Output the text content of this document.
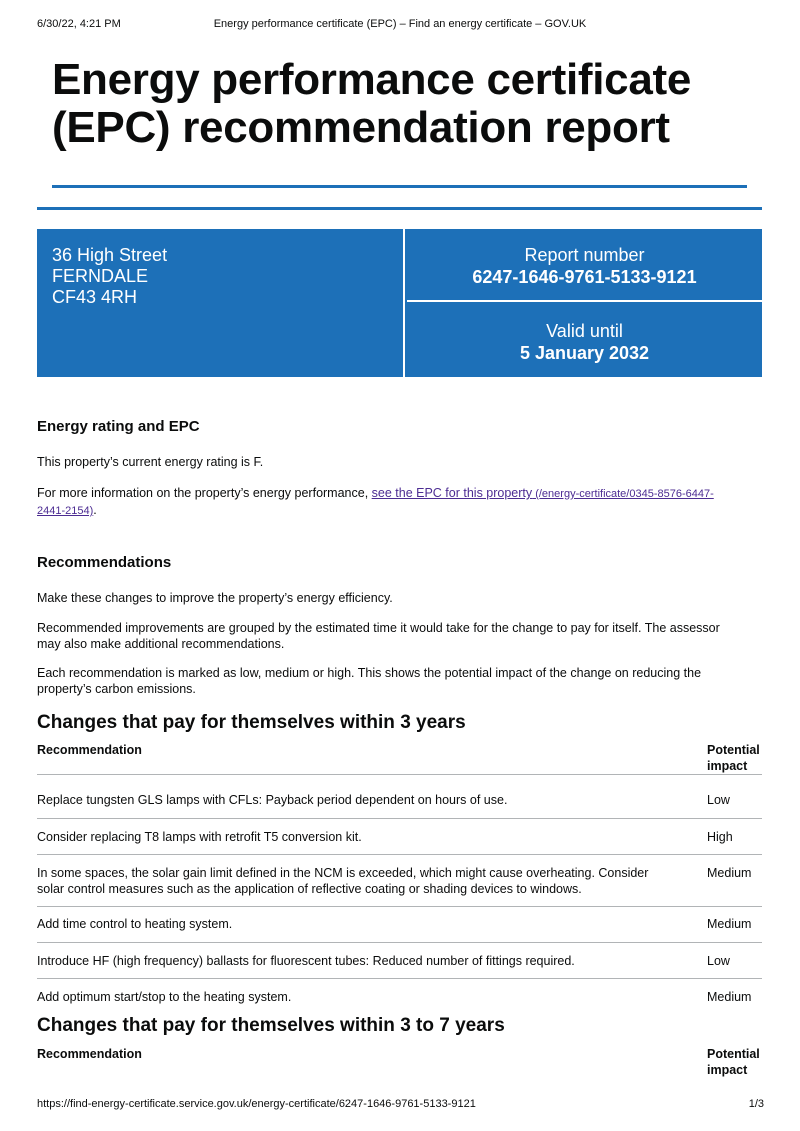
6/30/22, 4:21 PM	Energy performance certificate (EPC) – Find an energy certificate – GOV.UK
Energy performance certificate
(EPC) recommendation report
36 High Street
FERNDALE
CF43 4RH
Report number
6247-1646-9761-5133-9121
Valid until
5 January 2032
Energy rating and EPC

This property’s current energy rating is F.

For more information on the property’s energy performance, see the EPC for this property (/energy-certificate/0345-8576-6447-
2441-2154).

Recommendations

Make these changes to improve the property’s energy efficiency.

Recommended improvements are grouped by the estimated time it would take for the change to pay for itself. The assessor
may also make additional recommendations.

Each recommendation is marked as low, medium or high. This shows the potential impact of the change on reducing the
property’s carbon emissions.

Changes that pay for themselves within 3 years
Recommendation	Potential
impact
Replace tungsten GLS lamps with CFLs: Payback period dependent on hours of use.	Low
Consider replacing T8 lamps with retrofit T5 conversion kit.	High
In some spaces, the solar gain limit defined in the NCM is exceeded, which might cause overheating. Consider
solar control measures such as the application of reflective coating or shading devices to windows.
Medium
Add time control to heating system.	Medium
Introduce HF (high frequency) ballasts for fluorescent tubes: Reduced number of fittings required.	Low
Add optimum start/stop to the heating system.	Medium
Changes that pay for themselves within 3 to 7 years
Recommendation	Potential
impact
https://find-energy-certificate.service.gov.uk/energy-certificate/6247-1646-9761-5133-9121	1/3
